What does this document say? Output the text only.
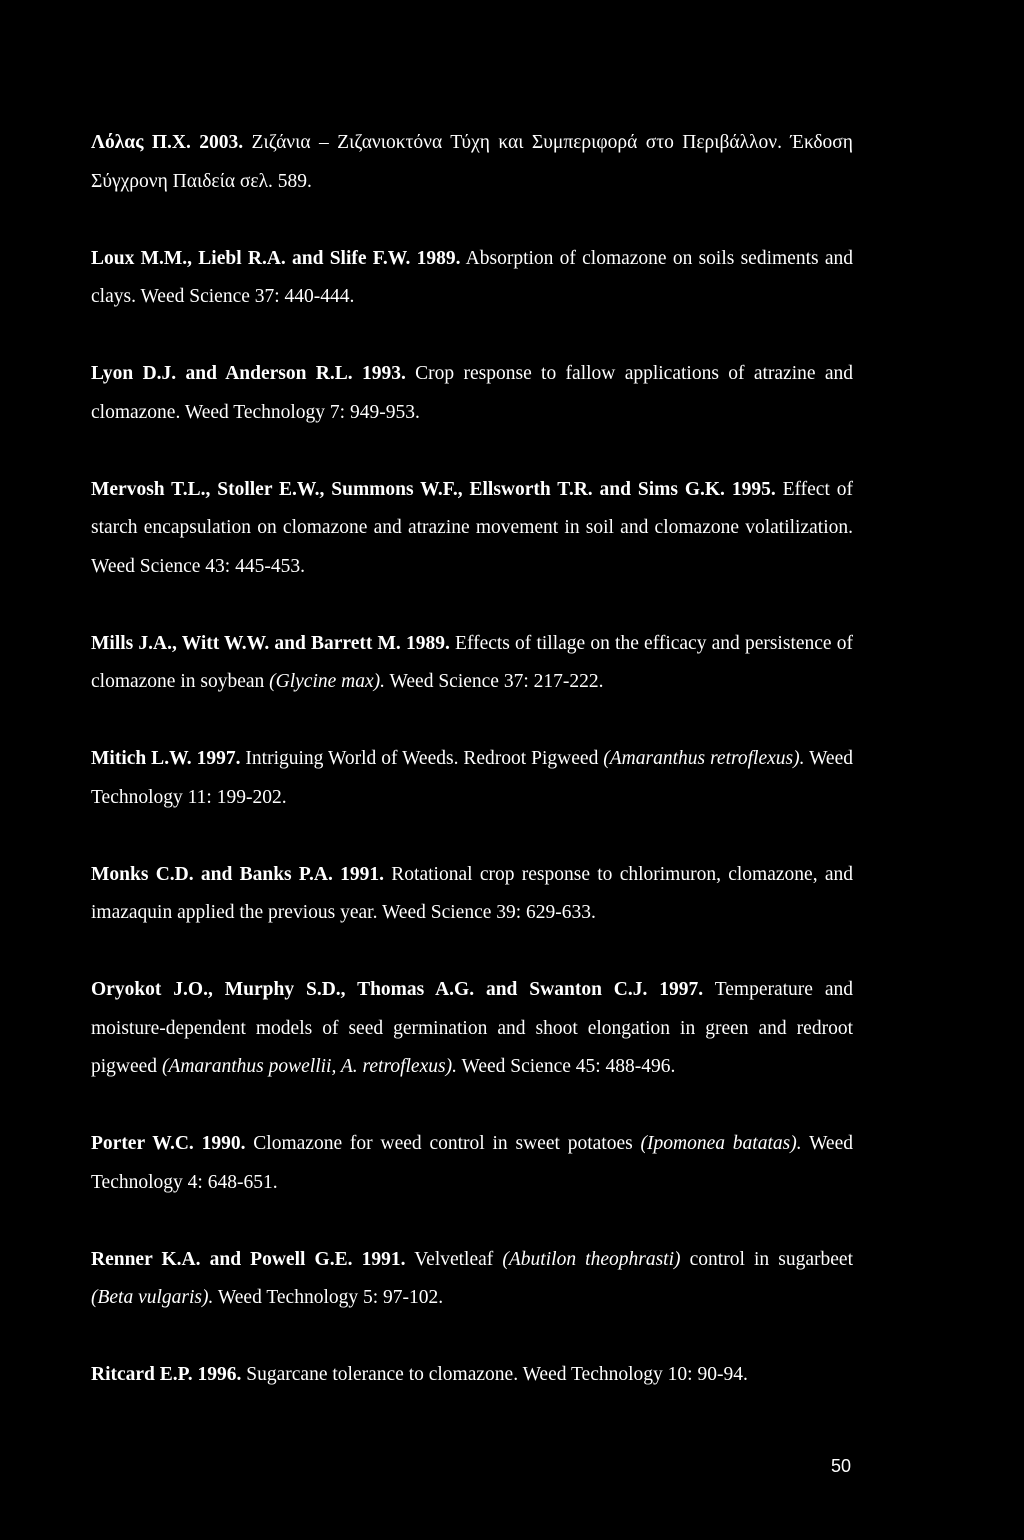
Λόλας Π.Χ. 2003. Ζιζάνια – Ζιζανιοκτόνα Τύχη και Συμπεριφορά στο Περιβάλλον. Έκδοση Σύγχρονη Παιδεία σελ. 589.

Loux M.M., Liebl R.A. and Slife F.W. 1989. Absorption of clomazone on soils sediments and clays. Weed Science 37: 440-444.

Lyon D.J. and Anderson R.L. 1993. Crop response to fallow applications of atrazine and clomazone. Weed Technology 7: 949-953.

Mervosh T.L., Stoller E.W., Summons W.F., Ellsworth T.R. and Sims G.K. 1995. Effect of starch encapsulation on clomazone and atrazine movement in soil and clomazone volatilization. Weed Science 43: 445-453.

Mills J.A., Witt W.W. and Barrett M. 1989. Effects of tillage on the efficacy and persistence of clomazone in soybean (Glycine max). Weed Science 37: 217-222.

Mitich L.W. 1997. Intriguing World of Weeds. Redroot Pigweed (Amaranthus retroflexus). Weed Technology 11: 199-202.

Monks C.D. and Banks P.A. 1991. Rotational crop response to chlorimuron, clomazone, and imazaquin applied the previous year. Weed Science 39: 629-633.

Oryokot J.O., Murphy S.D., Thomas A.G. and Swanton C.J. 1997. Temperature and moisture-dependent models of seed germination and shoot elongation in green and redroot pigweed (Amaranthus powellii, A. retroflexus). Weed Science 45: 488-496.

Porter W.C. 1990. Clomazone for weed control in sweet potatoes (Ipomonea batatas). Weed Technology 4: 648-651.

Renner K.A. and Powell G.E. 1991. Velvetleaf (Abutilon theophrasti) control in sugarbeet (Beta vulgaris). Weed Technology 5: 97-102.

Ritcard E.P. 1996. Sugarcane tolerance to clomazone. Weed Technology 10: 90-94.

50
